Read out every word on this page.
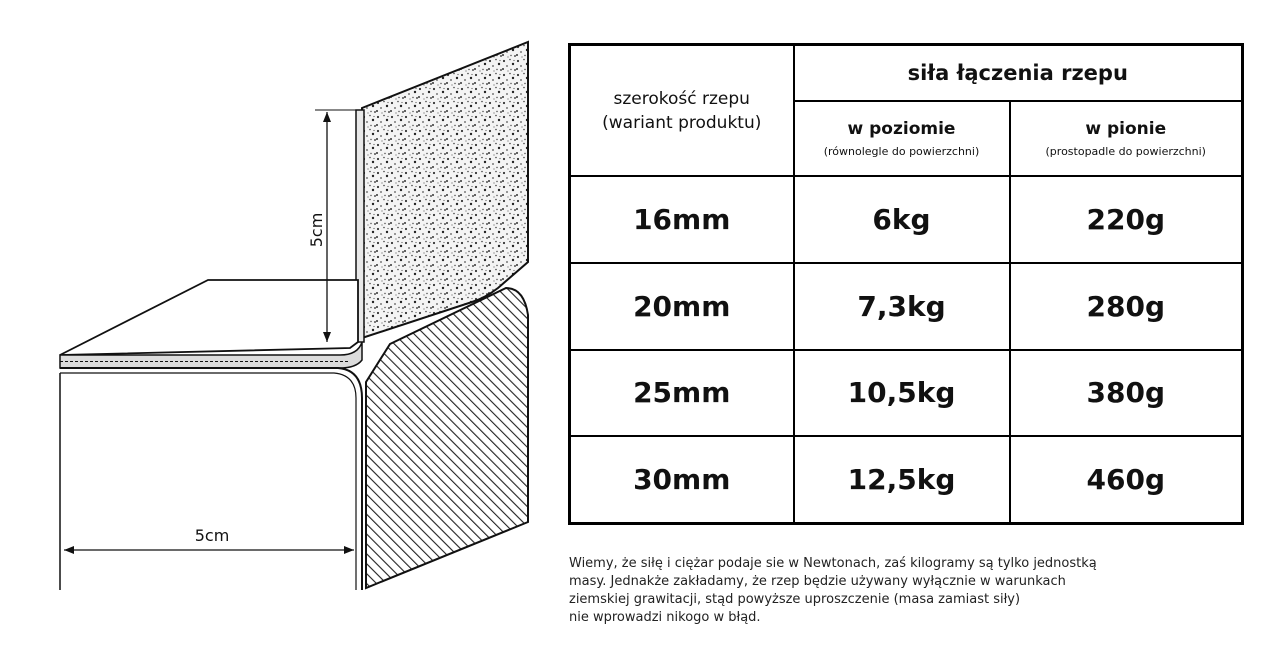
5cm
5cm
szerokość rzepu
(wariant produktu)	siła łączenia rzepu	

	w poziomie
(równolegle do powierzchni)	w pionie
(prostopadle do powierzchni)

16mm	6kg	220g
20mm	7,3kg	280g
25mm	10,5kg	380g
30mm	12,5kg	460g
Wiemy, że siłę i ciężar podaje sie w Newtonach, zaś kilogramy są tylko jednostką
masy. Jednakże zakładamy, że rzep będzie używany wyłącznie w warunkach
ziemskiej grawitacji, stąd powyższe uproszczenie (masa zamiast siły)
nie wprowadzi nikogo w błąd.
